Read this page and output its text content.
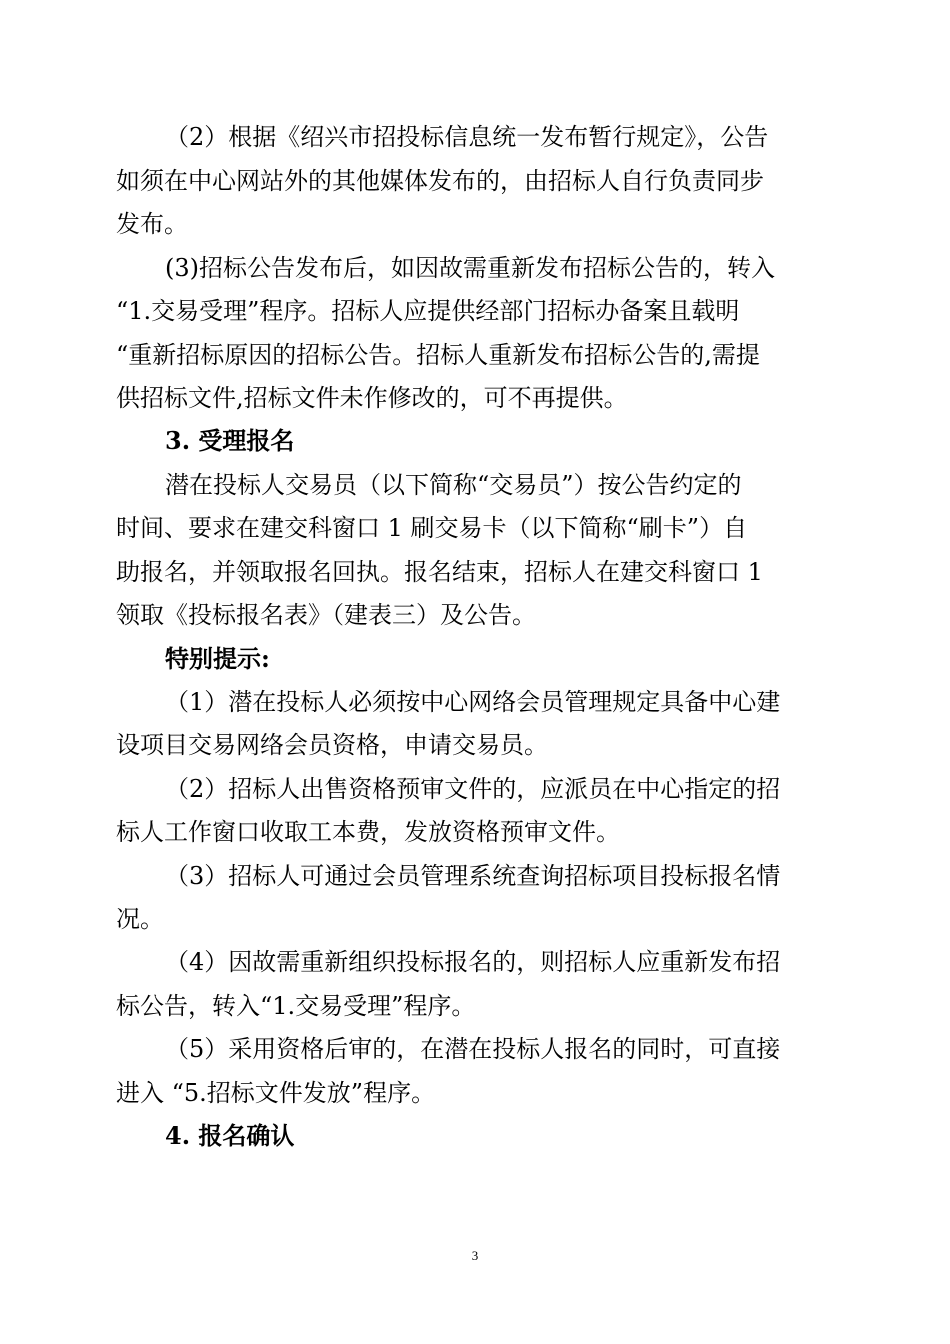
（2）根据《绍兴市招投标信息统一发布暂行规定》，公告
如须在中心网站外的其他媒体发布的，由招标人自行负责同步
发布。
(3)招标公告发布后，如因故需重新发布招标公告的，转入
“1.交易受理”程序。招标人应提供经部门招标办备案且载明
“重新招标原因的招标公告。招标人重新发布招标公告的,需提
供招标文件,招标文件未作修改的，可不再提供。
3. 受理报名
潜在投标人交易员（以下简称“交易员”）按公告约定的
时间、要求在建交科窗口 1 刷交易卡（以下简称“刷卡”）自
助报名，并领取报名回执。报名结束，招标人在建交科窗口 1
领取《投标报名表》（建表三）及公告。
特别提示:
（1）潜在投标人必须按中心网络会员管理规定具备中心建
设项目交易网络会员资格，申请交易员。
（2）招标人出售资格预审文件的，应派员在中心指定的招
标人工作窗口收取工本费，发放资格预审文件。
（3）招标人可通过会员管理系统查询招标项目投标报名情
况。
（4）因故需重新组织投标报名的，则招标人应重新发布招
标公告，转入“1.交易受理”程序。
（5）采用资格后审的，在潜在投标人报名的同时，可直接
进入 “5.招标文件发放”程序。
4. 报名确认
3
